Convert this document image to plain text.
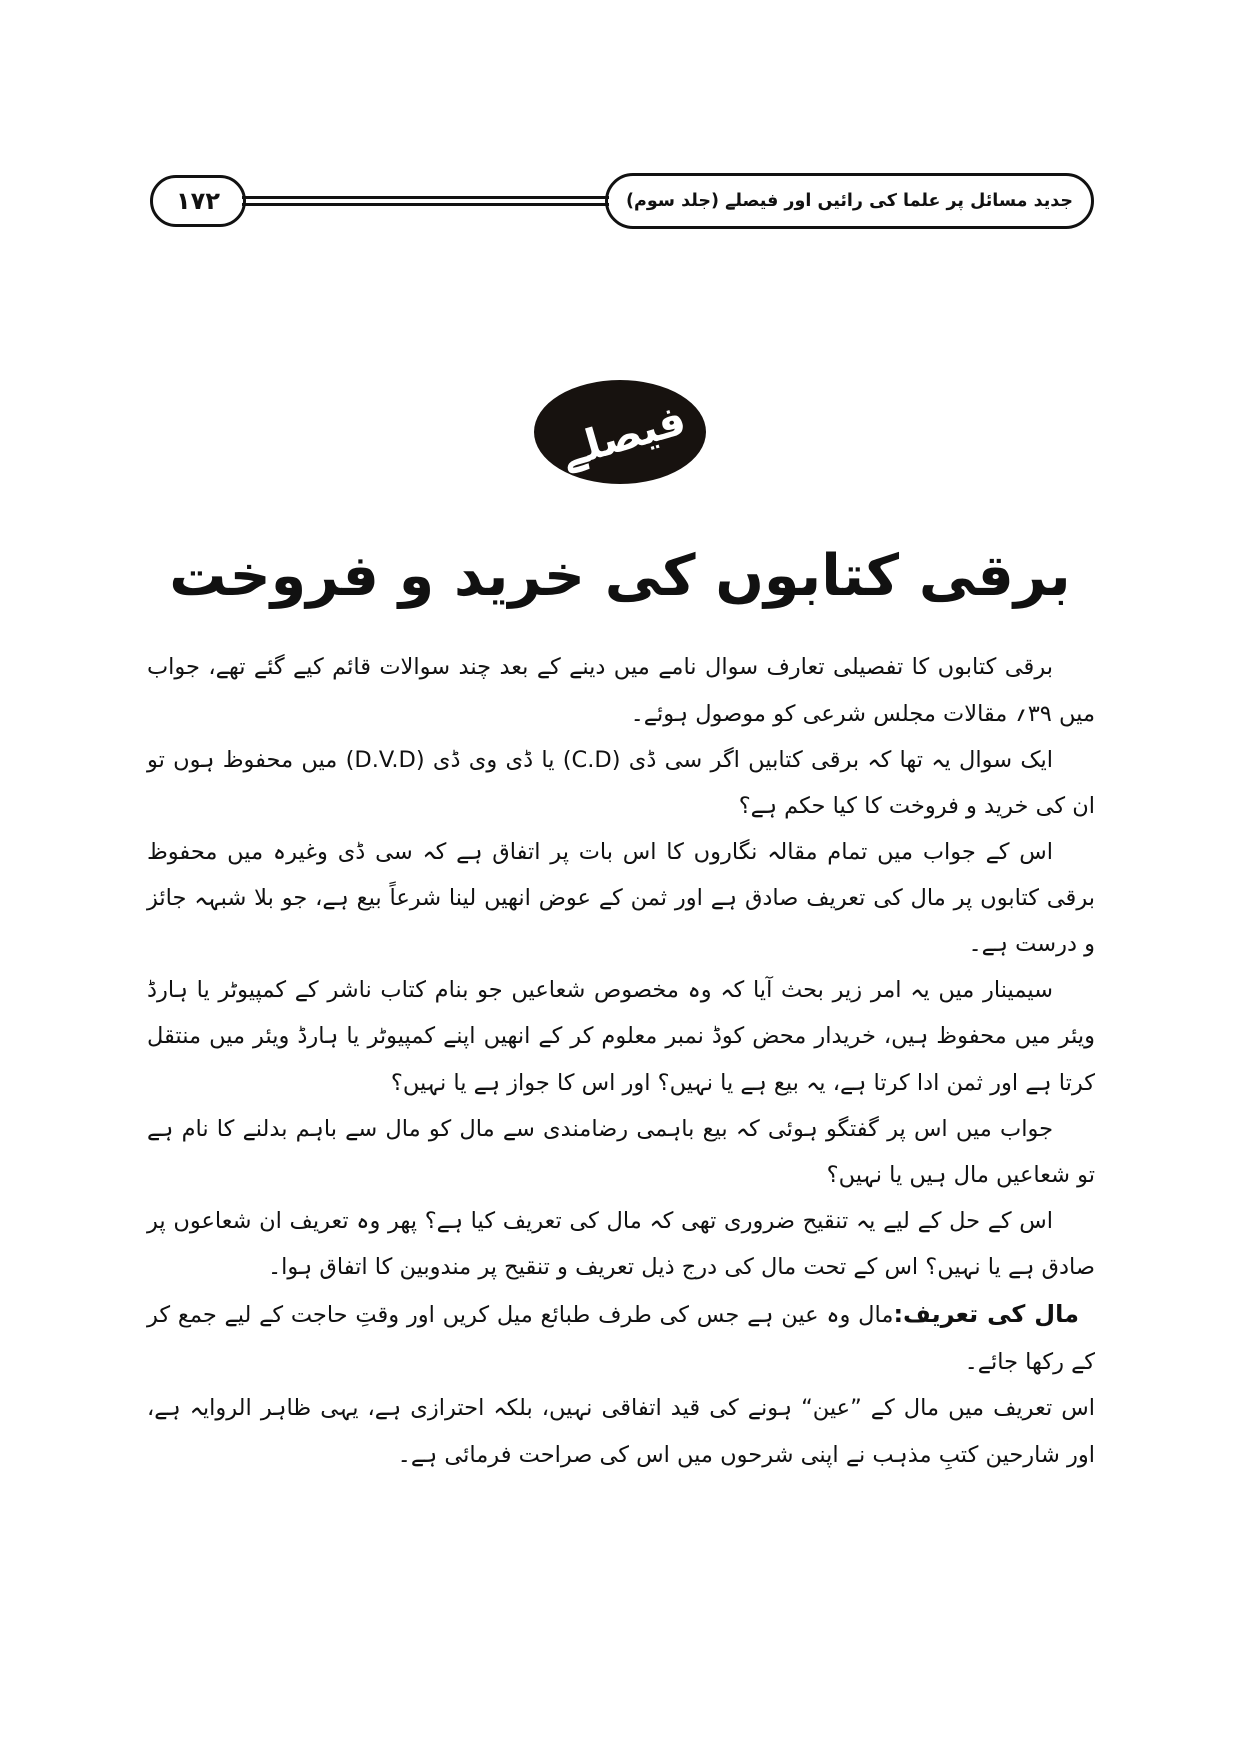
۱۷۲	جدید مسائل پر علما کی رائیں اور فیصلے (جلد سوم)
فیصلے
برقی کتابوں کی خرید و فروخت

برقی کتابوں کا تفصیلی تعارف سوال نامے میں دینے کے بعد چند سوالات قائم کیے گئے تھے، جواب میں ۳۹؍ مقالات مجلس شرعی کو موصول ہوئے۔

ایک سوال یہ تھا کہ برقی کتابیں اگر سی ڈی (C.D) یا ڈی وی ڈی (D.V.D) میں محفوظ ہوں تو ان کی خرید و فروخت کا کیا حکم ہے؟

اس کے جواب میں تمام مقالہ نگاروں کا اس بات پر اتفاق ہے کہ سی ڈی وغیرہ میں محفوظ برقی کتابوں پر مال کی تعریف صادق ہے اور ثمن کے عوض انھیں لینا شرعاً بیع ہے، جو بلا شبہہ جائز و درست ہے۔

سیمینار میں یہ امر زیر بحث آیا کہ وہ مخصوص شعاعیں جو بنام کتاب ناشر کے کمپیوٹر یا ہارڈ ویئر میں محفوظ ہیں، خریدار محض کوڈ نمبر معلوم کر کے انھیں اپنے کمپیوٹر یا ہارڈ ویئر میں منتقل کرتا ہے اور ثمن ادا کرتا ہے، یہ بیع ہے یا نہیں؟ اور اس کا جواز ہے یا نہیں؟

جواب میں اس پر گفتگو ہوئی کہ بیع باہمی رضامندی سے مال کو مال سے باہم بدلنے کا نام ہے تو شعاعیں مال ہیں یا نہیں؟

اس کے حل کے لیے یہ تنقیح ضروری تھی کہ مال کی تعریف کیا ہے؟ پھر وہ تعریف ان شعاعوں پر صادق ہے یا نہیں؟ اس کے تحت مال کی درج ذیل تعریف و تنقیح پر مندوبین کا اتفاق ہوا۔

مال کی تعریف:مال وہ عین ہے جس کی طرف طبائع میل کریں اور وقتِ حاجت کے لیے جمع کر کے رکھا جائے۔

اس تعریف میں مال کے ”عین“ ہونے کی قید اتفاقی نہیں، بلکہ احترازی ہے، یہی ظاہر الروایہ ہے، اور شارحین کتبِ مذہب نے اپنی شرحوں میں اس کی صراحت فرمائی ہے۔
